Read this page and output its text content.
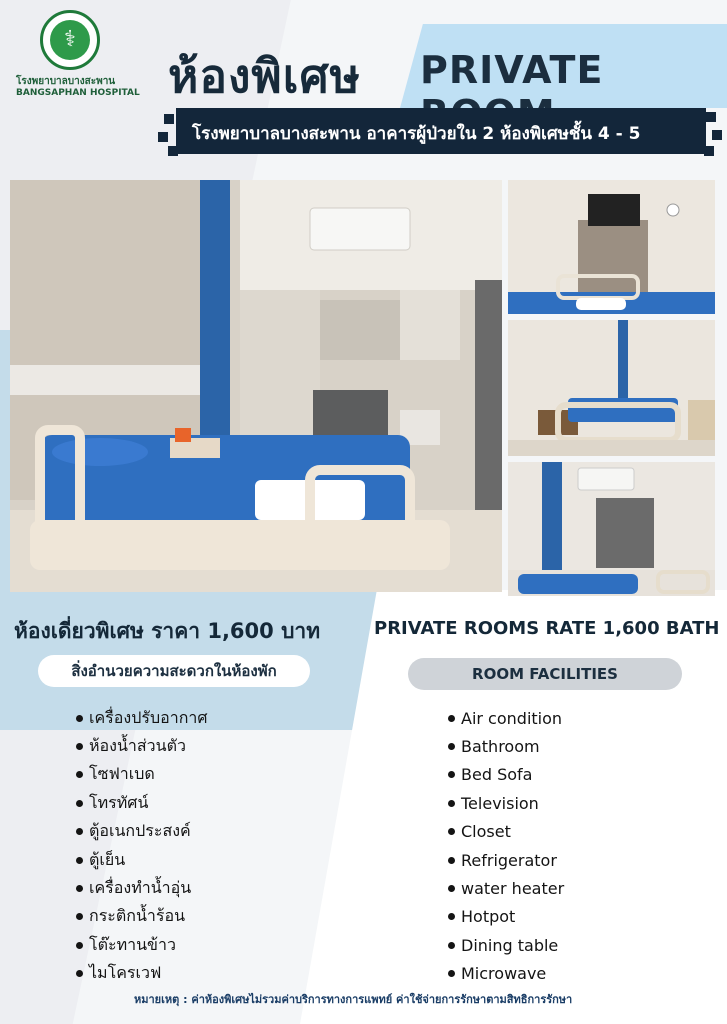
⚕
โรงพยาบาลบางสะพาน
BANGSAPHAN HOSPITAL ห้องพิเศษ PRIVATE
โรงพยาบาลบางสะพาน อาคารผู้ป่วยใน 2 ห้องพิเศษชั้น 4 - 5
ห้องเดี่ยวพิเศษ ราคา 1,600 บาท	PRIVATE ROOMS RATE 1,600 BATH
สิ่งอำนวยความสะดวกในห้องพัก	ROOM FACILITIES
เครื่องปรับอากาศ
ห้องน้ำส่วนตัว
โซฟาเบด
โทรทัศน์
ตู้อเนกประสงค์
ตู้เย็น
เครื่องทำน้ำอุ่น
กระติกน้ำร้อน
โต๊ะทานข้าว
ไมโครเวฟ
Air condition
Bathroom
Bed Sofa
Television
Closet
Refrigerator
water heater
Hotpot
Dining table
Microwave
หมายเหตุ : ค่าห้องพิเศษไม่รวมค่าบริการทางการแพทย์ ค่าใช้จ่ายการรักษาตามสิทธิการรักษา
